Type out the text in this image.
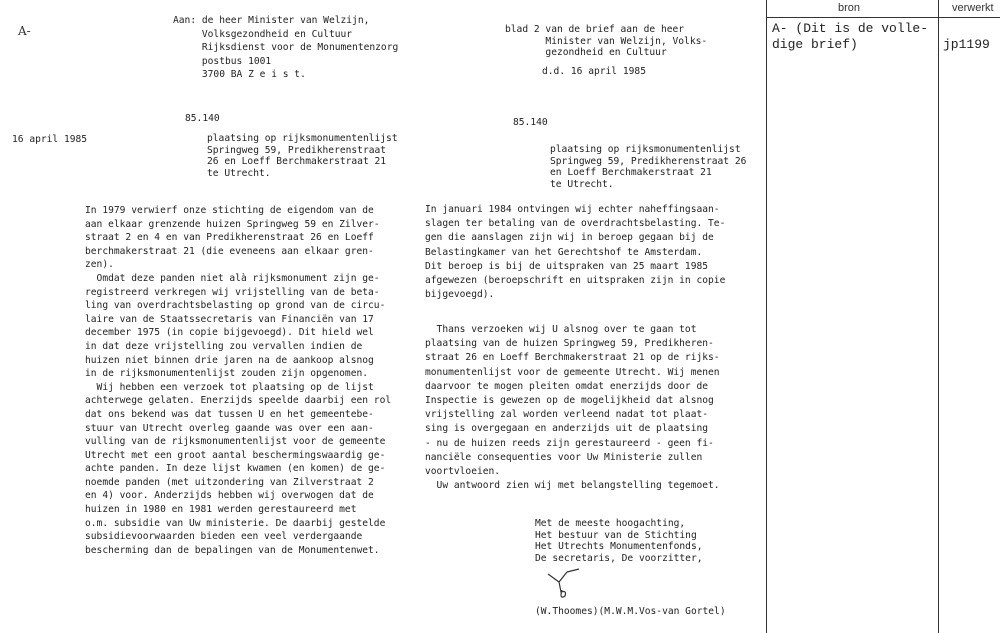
A-
Aan: de heer Minister van Welzijn,
Volksgezondheid en Cultuur
Rijksdienst voor de Monumentenzorg
postbus 1001
3700 BA Z e i s t.
85.140
16 april 1985	plaatsing op rijksmonumentenlijst
Springweg 59, Predikherenstraat
26 en Loeff Berchmakerstraat 21
te Utrecht.
In 1979 verwierf onze stichting de eigendom van de
aan elkaar grenzende huizen Springweg 59 en Zilver-
straat 2 en 4 en van Predikherenstraat 26 en Loeff
berchmakerstraat 21 (die eveneens aan elkaar gren-
zen).
Omdat deze panden niet alà rijksmonument zijn ge-
registreerd verkregen wij vrijstelling van de beta-
ling van overdrachtsbelasting op grond van de circu-
laire van de Staatssecretaris van Financiën van 17
december 1975 (in copie bijgevoegd). Dit hield wel
in dat deze vrijstelling zou vervallen indien de
huizen niet binnen drie jaren na de aankoop alsnog
in de rijksmonumentenlijst zouden zijn opgenomen.
Wij hebben een verzoek tot plaatsing op de lijst
achterwege gelaten. Enerzijds speelde daarbij een rol
dat ons bekend was dat tussen U en het gemeentebe-
stuur van Utrecht overleg gaande was over een aan-
vulling van de rijksmonumentenlijst voor de gemeente
Utrecht met een groot aantal beschermingswaardig ge-
achte panden. In deze lijst kwamen (en komen) de ge-
noemde panden (met uitzondering van Zilverstraat 2
en 4) voor. Anderzijds hebben wij overwogen dat de
huizen in 1980 en 1981 werden gerestaureerd met
o.m. subsidie van Uw ministerie. De daarbij gestelde
subsidievoorwaarden bieden een veel verdergaande
bescherming dan de bepalingen van de Monumentenwet.
blad 2 van de brief aan de heer
Minister van Welzijn, Volks-
gezondheid en Cultuur
d.d. 16 april 1985
85.140
plaatsing op rijksmonumentenlijst
Springweg 59, Predikherenstraat 26
en Loeff Berchmakerstraat 21
te Utrecht.
In januari 1984 ontvingen wij echter naheffingsaan-
slagen ter betaling van de overdrachtsbelasting. Te-
gen die aanslagen zijn wij in beroep gegaan bij de
Belastingkamer van het Gerechtshof te Amsterdam.
Dit beroep is bij de uitspraken van 25 maart 1985
afgewezen (beroepschrift en uitspraken zijn in copie
bijgevoegd).
Thans verzoeken wij U alsnog over te gaan tot
plaatsing van de huizen Springweg 59, Predikheren-
straat 26 en Loeff Berchmakerstraat 21 op de rijks-
monumentenlijst voor de gemeente Utrecht. Wij menen
daarvoor te mogen pleiten omdat enerzijds door de
Inspectie is gewezen op de mogelijkheid dat alsnog
vrijstelling zal worden verleend nadat tot plaat-
sing is overgegaan en anderzijds uit de plaatsing
- nu de huizen reeds zijn gerestaureerd - geen fi-
nanciële consequenties voor Uw Ministerie zullen
voortvloeien.
Uw antwoord zien wij met belangstelling tegemoet.
Met de meeste hoogachting,
Het bestuur van de Stichting
Het Utrechts Monumentenfonds,
De secretaris, De voorzitter,
(W.Thoomes)(M.W.M.Vos-van Gortel)
bron	verwerkt
A- (Dit is de volle-
dige brief)	jp1199
